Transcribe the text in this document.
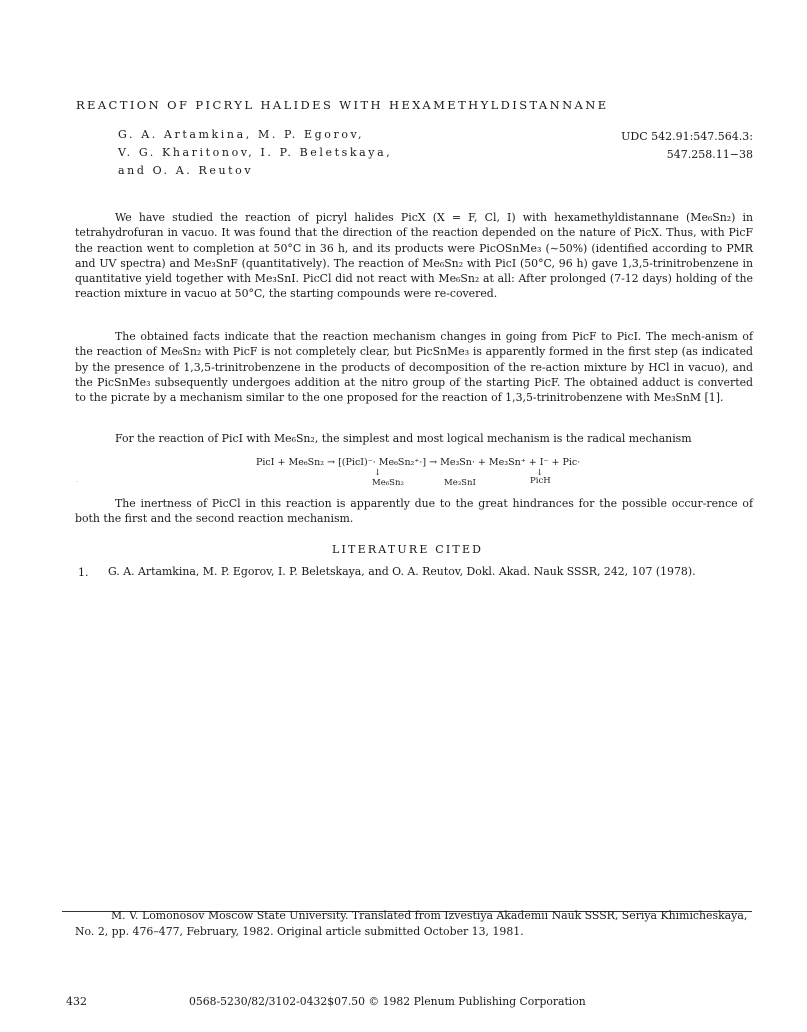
REACTION OF PICRYL HALIDES WITH HEXAMETHYLDISTANNANE
G. A. Artamkina, M. P. Egorov,
V. G. Kharitonov, I. P. Beletskaya,
and O. A. Reutov
UDC 542.91:547.564.3:
547.258.11−38
We have studied the reaction of picryl halides PicX (X = F, Cl, I) with hexamethyldistannane (Me₆Sn₂) in tetrahydrofuran in vacuo. It was found that the direction of the reaction depended on the nature of PicX. Thus, with PicF the reaction went to completion at 50°C in 36 h, and its products were PicOSnMe₃ (∼50%) (identified according to PMR and UV spectra) and Me₃SnF (quantitatively). The reaction of Me₆Sn₂ with PicI (50°C, 96 h) gave 1,3,5-trinitrobenzene in quantitative yield together with Me₃SnI. PicCl did not react with Me₆Sn₂ at all: After prolonged (7-12 days) holding of the reaction mixture in vacuo at 50°C, the starting compounds were re-covered.
The obtained facts indicate that the reaction mechanism changes in going from PicF to PicI. The mech-anism of the reaction of Me₆Sn₂ with PicF is not completely clear, but PicSnMe₃ is apparently formed in the first step (as indicated by the presence of 1,3,5-trinitrobenzene in the products of decomposition of the re-action mixture by HCl in vacuo), and the PicSnMe₃ subsequently undergoes addition at the nitro group of the starting PicF. The obtained adduct is converted to the picrate by a mechanism similar to the one proposed for the reaction of 1,3,5-trinitrobenzene with Me₃SnM [1].
For the reaction of PicI with Me₆Sn₂, the simplest and most logical mechanism is the radical mechanism
PicI + Me₆Sn₂ → [(PicI)⁻· Me₆Sn₂⁺·] → Me₃Sn· + Me₃Sn⁺ + I⁻ + Pic·
↓	↓
Me₆Sn₂	Me₃SnI	PicH
·
The inertness of PicCl in this reaction is apparently due to the great hindrances for the possible occur-rence of both the first and the second reaction mechanism.
LITERATURE CITED
1. G. A. Artamkina, M. P. Egorov, I. P. Beletskaya, and O. A. Reutov, Dokl. Akad. Nauk SSSR, 242, 107 (1978).
M. V. Lomonosov Moscow State University. Translated from Izvestiya Akademii Nauk SSSR, Seriya Khimicheskaya, No. 2, pp. 476–477, February, 1982. Original article submitted October 13, 1981.
432	0568-5230/82/3102-0432$07.50 © 1982 Plenum Publishing Corporation
